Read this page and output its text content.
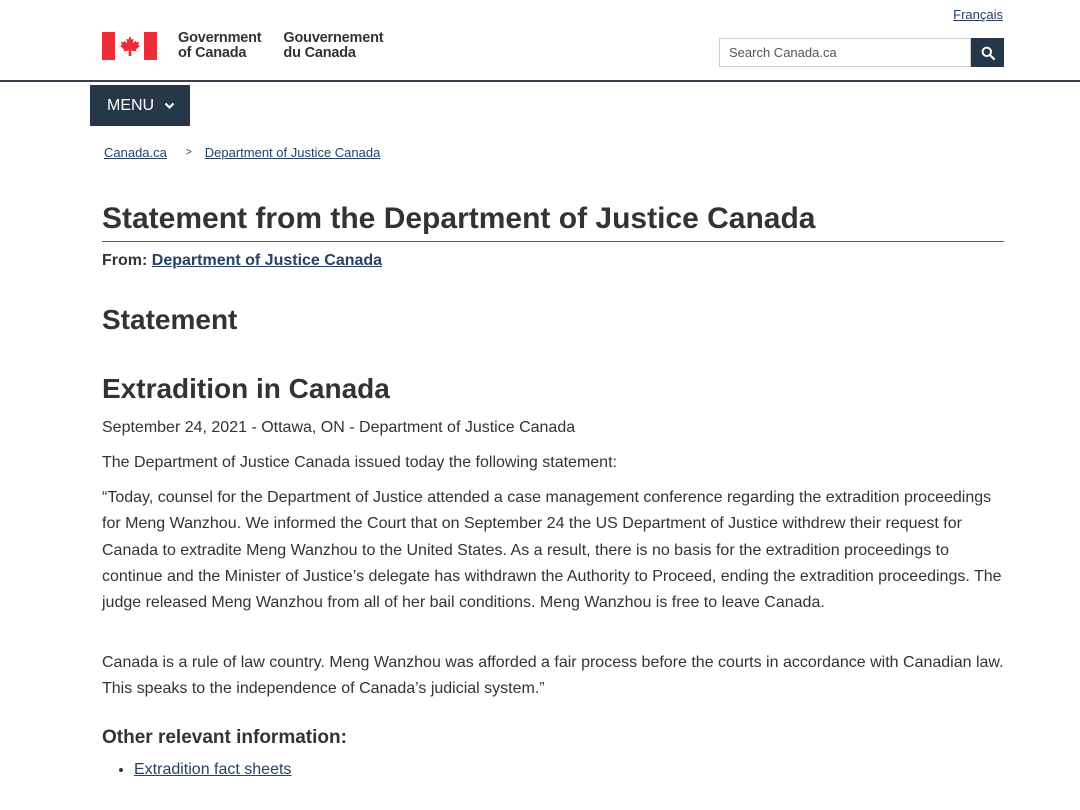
Français
Government
of Canada
Gouvernement
du Canada
Search Canada.ca
MENU
Canada.ca > Department of Justice Canada
Statement from the Department of Justice Canada
From: Department of Justice Canada
Statement
Extradition in Canada

September 24, 2021 - Ottawa, ON - Department of Justice Canada

The Department of Justice Canada issued today the following statement:

“Today, counsel for the Department of Justice attended a case management conference regarding the extradition proceedings for Meng Wanzhou. We informed the Court that on September 24 the US Department of Justice withdrew their request for Canada to extradite Meng Wanzhou to the United States. As a result, there is no basis for the extradition proceedings to continue and the Minister of Justice’s delegate has withdrawn the Authority to Proceed, ending the extradition proceedings. The judge released Meng Wanzhou from all of her bail conditions. Meng Wanzhou is free to leave Canada.

Canada is a rule of law country. Meng Wanzhou was afforded a fair process before the courts in accordance with Canadian law. This speaks to the independence of Canada’s judicial system.”

Other relevant information:
• Extradition fact sheets
